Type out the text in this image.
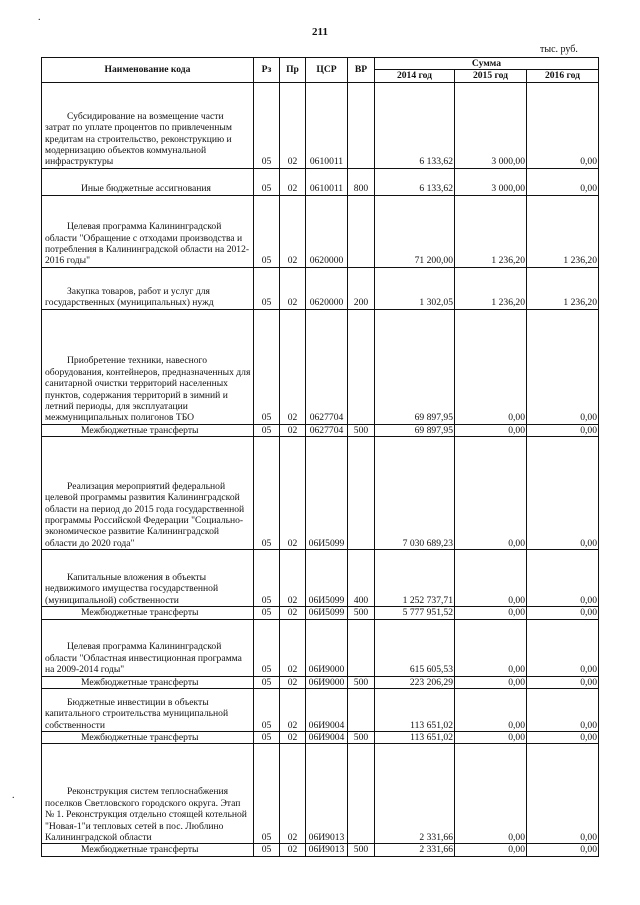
211
тыс. руб.
.
.
Наименование кода	Рз	Пр	ЦСР	ВР	Сумма		
					2014 год	2015 год	2016 год
Субсидирование на возмещение части затрат по уплате процентов по привлеченным кредитам на строительство, реконструкцию и модернизацию объектов коммунальной инфраструктуры	05	02	0610011		6 133,62	3 000,00	0,00
Иные бюджетные ассигнования	05	02	0610011	800	6 133,62	3 000,00	0,00
Целевая программа Калининградской области "Обращение с отходами производства и потребления в Калининградской области на 2012-2016 годы"	05	02	0620000		71 200,00	1 236,20	1 236,20
Закупка товаров, работ и услуг для государственных (муниципальных) нужд	05	02	0620000	200	1 302,05	1 236,20	1 236,20
Приобретение техники, навесного оборудования, контейнеров, предназначенных для санитарной очистки территорий населенных пунктов, содержания территорий в зимний и летний периоды, для эксплуатации межмуниципальных полигонов ТБО	05	02	0627704		69 897,95	0,00	0,00
Межбюджетные трансферты	05	02	0627704	500	69 897,95	0,00	0,00
Реализация мероприятий федеральной целевой программы развития Калининградской области на период до 2015 года государственной программы Российской Федерации "Социально-экономическое развитие Калининградской области до 2020 года"	05	02	06И5099		7 030 689,23	0,00	0,00
Капитальные вложения в объекты недвижимого имущества государственной (муниципальной) собственности	05	02	06И5099	400	1 252 737,71	0,00	0,00
Межбюджетные трансферты	05	02	06И5099	500	5 777 951,52	0,00	0,00
Целевая программа Калининградской области "Областная инвестиционная программа на 2009-2014 годы"	05	02	06И9000		615 605,53	0,00	0,00
Межбюджетные трансферты	05	02	06И9000	500	223 206,29	0,00	0,00
Бюджетные инвестиции в объекты капитального строительства муниципальной собственности	05	02	06И9004		113 651,02	0,00	0,00
Межбюджетные трансферты	05	02	06И9004	500	113 651,02	0,00	0,00
Реконструкция систем теплоснабжения поселков Светловского городского округа. Этап № 1. Реконструкция отдельно стоящей котельной "Новая-1"и тепловых сетей в пос. Люблино Калининградской области	05	02	06И9013		2 331,66	0,00	0,00
Межбюджетные трансферты	05	02	06И9013	500	2 331,66	0,00	0,00
